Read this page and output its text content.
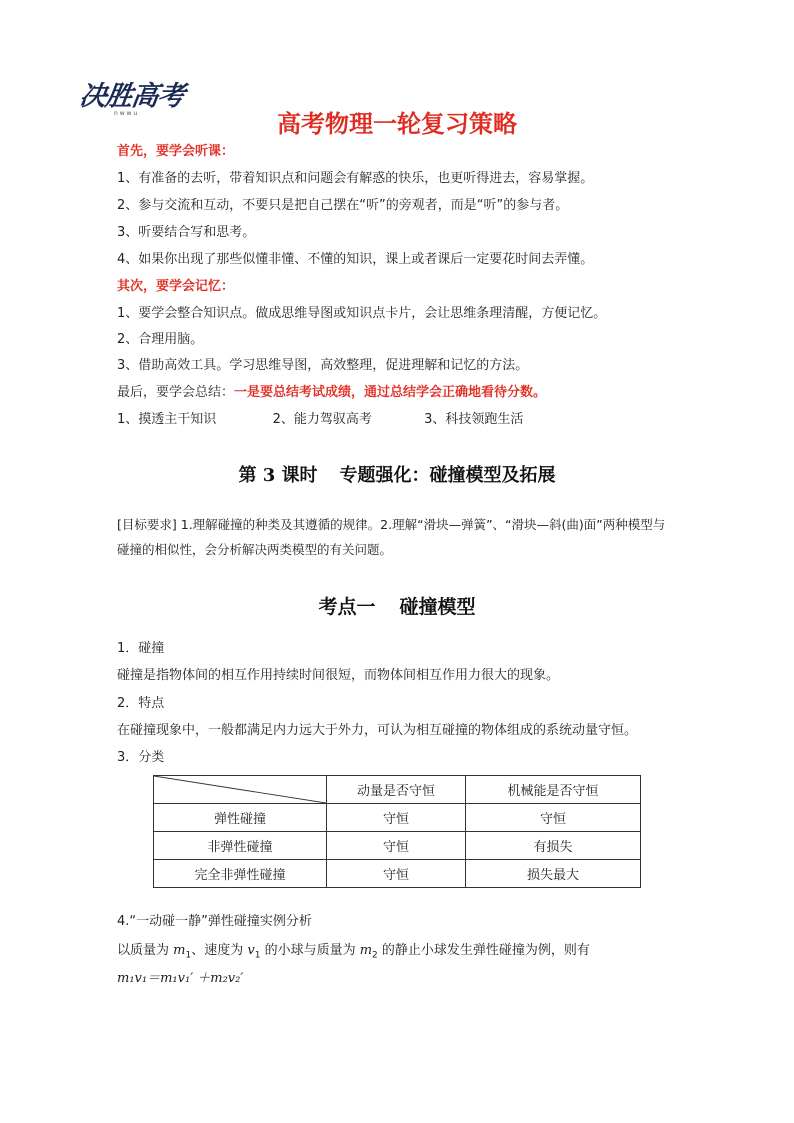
决胜高考
n w w u	高考物理一轮复习策略
首先，要学会听课：
1、有准备的去听，带着知识点和问题会有解惑的快乐，也更听得进去，容易掌握。
2、参与交流和互动，不要只是把自己摆在“听”的旁观者，而是“听”的参与者。
3、听要结合写和思考。
4、如果你出现了那些似懂非懂、不懂的知识，课上或者课后一定要花时间去弄懂。
其次，要学会记忆：
1、要学会整合知识点。做成思维导图或知识点卡片，会让思维条理清醒，方便记忆。
2、合理用脑。
3、借助高效工具。学习思维导图，高效整理，促进理解和记忆的方法。
最后，要学会总结：一是要总结考试成绩，通过总结学会正确地看待分数。
1、摸透主干知识	2、能力驾驭高考	3、科技领跑生活
第 3 课时 专题强化：碰撞模型及拓展
[目标要求] 1.理解碰撞的种类及其遵循的规律。2.理解“滑块—弹簧”、“滑块—斜(曲)面”两种模型与碰撞的相似性，会分析解决两类模型的有关问题。
考点一 碰撞模型
1．碰撞
碰撞是指物体间的相互作用持续时间很短，而物体间相互作用力很大的现象。
2．特点
在碰撞现象中，一般都满足内力远大于外力，可认为相互碰撞的物体组成的系统动量守恒。
3．分类
	动量是否守恒	机械能是否守恒
弹性碰撞	守恒	守恒
非弹性碰撞	守恒	有损失
完全非弹性碰撞	守恒	损失最大
4.“一动碰一静”弹性碰撞实例分析
以质量为 $m_1$、速度为 $v_1$ 的小球与质量为 $m_2$ 的静止小球发生弹性碰撞为例，则有
m₁v₁＝m₁v₁′ ＋m₂v₂′
